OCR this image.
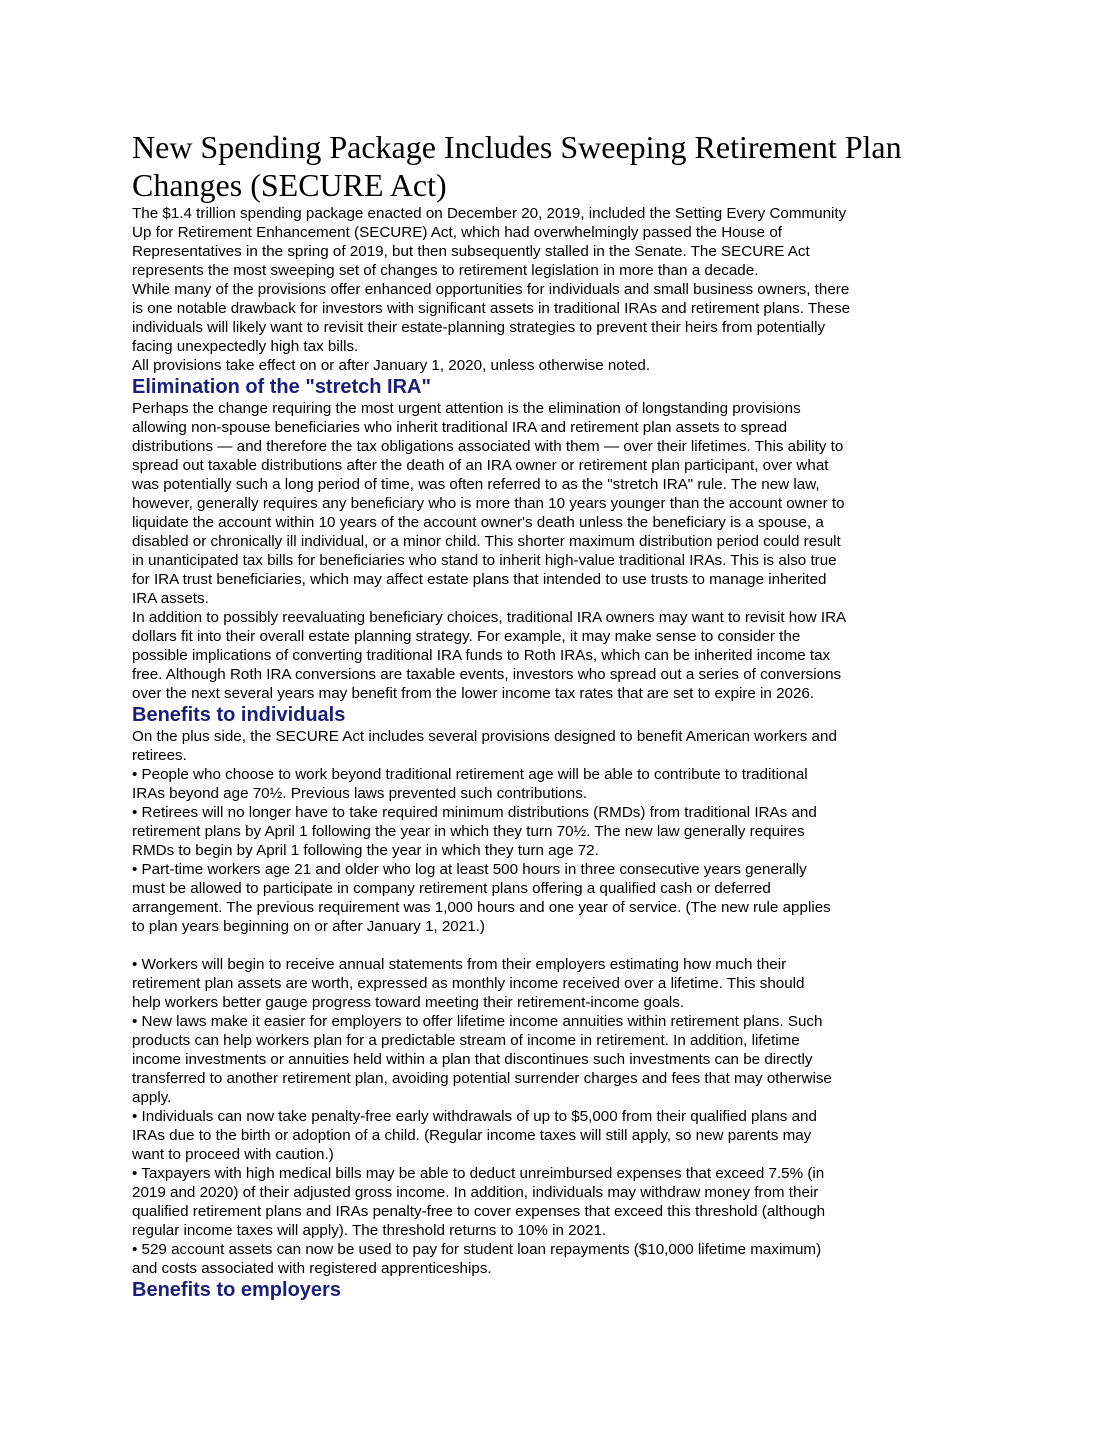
New Spending Package Includes Sweeping Retirement Plan
Changes (SECURE Act)

The $1.4 trillion spending package enacted on December 20, 2019, included the Setting Every Community
Up for Retirement Enhancement (SECURE) Act, which had overwhelmingly passed the House of
Representatives in the spring of 2019, but then subsequently stalled in the Senate. The SECURE Act
represents the most sweeping set of changes to retirement legislation in more than a decade.

While many of the provisions offer enhanced opportunities for individuals and small business owners, there
is one notable drawback for investors with significant assets in traditional IRAs and retirement plans. These
individuals will likely want to revisit their estate-planning strategies to prevent their heirs from potentially
facing unexpectedly high tax bills.

All provisions take effect on or after January 1, 2020, unless otherwise noted.

Elimination of the "stretch IRA"

Perhaps the change requiring the most urgent attention is the elimination of longstanding provisions
allowing non-spouse beneficiaries who inherit traditional IRA and retirement plan assets to spread
distributions — and therefore the tax obligations associated with them — over their lifetimes. This ability to
spread out taxable distributions after the death of an IRA owner or retirement plan participant, over what
was potentially such a long period of time, was often referred to as the "stretch IRA" rule. The new law,
however, generally requires any beneficiary who is more than 10 years younger than the account owner to
liquidate the account within 10 years of the account owner's death unless the beneficiary is a spouse, a
disabled or chronically ill individual, or a minor child. This shorter maximum distribution period could result
in unanticipated tax bills for beneficiaries who stand to inherit high-value traditional IRAs. This is also true
for IRA trust beneficiaries, which may affect estate plans that intended to use trusts to manage inherited
IRA assets.

In addition to possibly reevaluating beneficiary choices, traditional IRA owners may want to revisit how IRA
dollars fit into their overall estate planning strategy. For example, it may make sense to consider the
possible implications of converting traditional IRA funds to Roth IRAs, which can be inherited income tax
free. Although Roth IRA conversions are taxable events, investors who spread out a series of conversions
over the next several years may benefit from the lower income tax rates that are set to expire in 2026.

Benefits to individuals

On the plus side, the SECURE Act includes several provisions designed to benefit American workers and
retirees.

• People who choose to work beyond traditional retirement age will be able to contribute to traditional
IRAs beyond age 70½. Previous laws prevented such contributions.

• Retirees will no longer have to take required minimum distributions (RMDs) from traditional IRAs and
retirement plans by April 1 following the year in which they turn 70½. The new law generally requires
RMDs to begin by April 1 following the year in which they turn age 72.

• Part-time workers age 21 and older who log at least 500 hours in three consecutive years generally
must be allowed to participate in company retirement plans offering a qualified cash or deferred
arrangement. The previous requirement was 1,000 hours and one year of service. (The new rule applies
to plan years beginning on or after January 1, 2021.)

• Workers will begin to receive annual statements from their employers estimating how much their
retirement plan assets are worth, expressed as monthly income received over a lifetime. This should
help workers better gauge progress toward meeting their retirement-income goals.

• New laws make it easier for employers to offer lifetime income annuities within retirement plans. Such
products can help workers plan for a predictable stream of income in retirement. In addition, lifetime
income investments or annuities held within a plan that discontinues such investments can be directly
transferred to another retirement plan, avoiding potential surrender charges and fees that may otherwise
apply.

• Individuals can now take penalty-free early withdrawals of up to $5,000 from their qualified plans and
IRAs due to the birth or adoption of a child. (Regular income taxes will still apply, so new parents may
want to proceed with caution.)

• Taxpayers with high medical bills may be able to deduct unreimbursed expenses that exceed 7.5% (in
2019 and 2020) of their adjusted gross income. In addition, individuals may withdraw money from their
qualified retirement plans and IRAs penalty-free to cover expenses that exceed this threshold (although
regular income taxes will apply). The threshold returns to 10% in 2021.

• 529 account assets can now be used to pay for student loan repayments ($10,000 lifetime maximum)
and costs associated with registered apprenticeships.

Benefits to employers
